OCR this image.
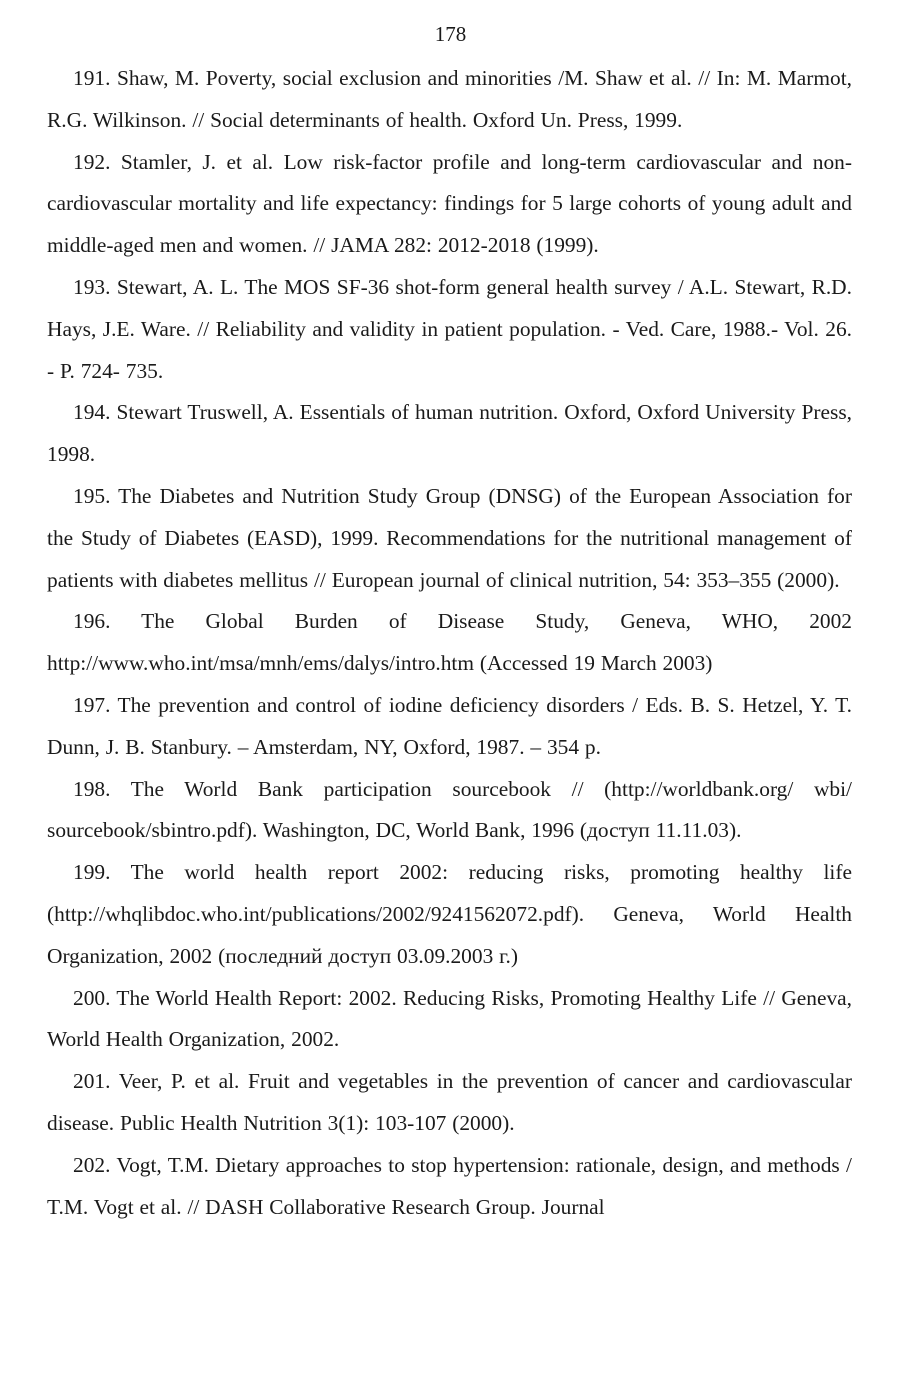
178
191. Shaw, M. Poverty, social exclusion and minorities /M. Shaw et al. // In: M. Marmot, R.G. Wilkinson. // Social determinants of health. Oxford Un. Press, 1999.
192. Stamler, J. et al. Low risk-factor profile and long-term cardiovascular and non-cardiovascular mortality and life expectancy: findings for 5 large cohorts of young adult and middle-aged men and women. // JAMA 282: 2012-2018 (1999).
193. Stewart, A. L. The MOS SF-36 shot-form general health survey / A.L. Stewart, R.D. Hays, J.E. Ware. // Reliability and validity in patient population. - Ved. Care, 1988.- Vol. 26. - P. 724- 735.
194. Stewart Truswell, A. Essentials of human nutrition. Oxford, Oxford University Press, 1998.
195. The Diabetes and Nutrition Study Group (DNSG) of the European Association for the Study of Diabetes (EASD), 1999. Recommendations for the nutritional management of patients with diabetes mellitus // European journal of clinical nutrition, 54: 353–355 (2000).
196. The Global Burden of Disease Study, Geneva, WHO, 2002 http://www.who.int/msa/mnh/ems/dalys/intro.htm (Accessed 19 March 2003)
197. The prevention and control of iodine deficiency disorders / Eds. B. S. Hetzel, Y. T. Dunn, J. B. Stanbury. – Amsterdam, NY, Oxford, 1987. – 354 p.
198. The World Bank participation sourcebook // (http://worldbank.org/ wbi/ sourcebook/sbintro.pdf). Washington, DC, World Bank, 1996 (доступ 11.11.03).
199. The world health report 2002: reducing risks, promoting healthy life (http://whqlibdoc.who.int/publications/2002/9241562072.pdf). Geneva, World Health Organization, 2002 (последний доступ 03.09.2003 г.)
200. The World Health Report: 2002. Reducing Risks, Promoting Healthy Life // Geneva, World Health Organization, 2002.
201. Veer, P. et al. Fruit and vegetables in the prevention of cancer and cardiovascular disease. Public Health Nutrition 3(1): 103-107 (2000).
202. Vogt, T.M. Dietary approaches to stop hypertension: rationale, design, and methods / T.M. Vogt et al. // DASH Collaborative Research Group. Journal
